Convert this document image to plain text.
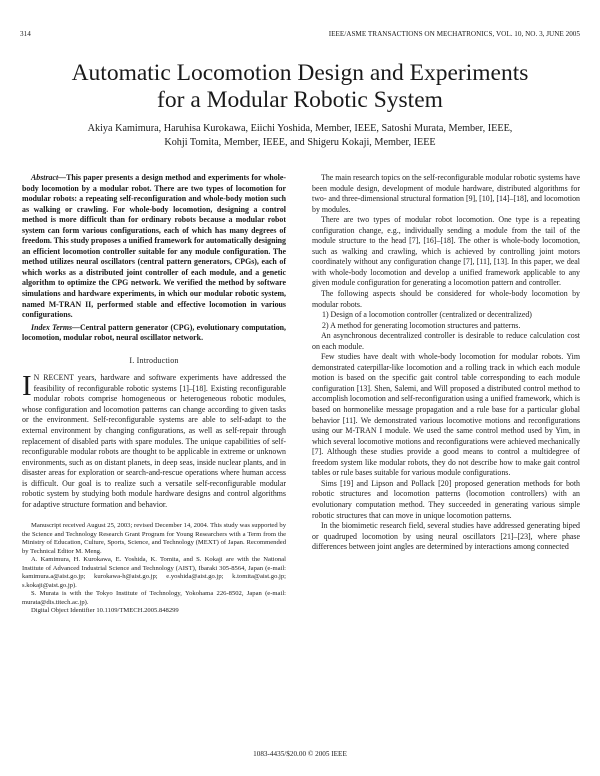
314	IEEE/ASME TRANSACTIONS ON MECHATRONICS, VOL. 10, NO. 3, JUNE 2005
Automatic Locomotion Design and Experiments
for a Modular Robotic System
Akiya Kamimura, Haruhisa Kurokawa, Eiichi Yoshida, Member, IEEE, Satoshi Murata, Member, IEEE,
Kohji Tomita, Member, IEEE, and Shigeru Kokaji, Member, IEEE

Abstract—This paper presents a design method and experiments for whole-body locomotion by a modular robot. There are two types of locomotion for modular robots: a repeating self-reconfiguration and whole-body motion such as walking or crawling. For whole-body locomotion, designing a control method is more difficult than for ordinary robots because a modular robot system can form various configurations, each of which has many degrees of freedom. This study proposes a unified framework for automatically designing an efficient locomotion controller suitable for any module configuration. The method utilizes neural oscillators (central pattern generators, CPGs), each of which works as a distributed joint controller of each module, and a genetic algorithm to optimize the CPG network. We verified the method by software simulations and hardware experiments, in which our modular robotic system, named M-TRAN II, performed stable and effective locomotion in various configurations.

Index Terms—Central pattern generator (CPG), evolutionary computation, locomotion, modular robot, neural oscillator network.

I. Introduction

I N RECENT years, hardware and software experiments have addressed the feasibility of reconfigurable robotic systems [1]–[18]. Existing reconfigurable modular robots comprise homogeneous or heterogeneous robotic modules, whose configuration and locomotion patterns can change according to given tasks or the environment. Self-reconfigurable systems are able to self-adapt to the external environment by changing configurations, as well as self-repair through replacement of disabled parts with spare modules. The unique capabilities of self-reconfigurable modular robots are thought to be applicable in extreme or unknown environments, such as on distant planets, in deep seas, inside nuclear plants, and in disaster areas for exploration or search-and-rescue operations where human access is difficult. Our goal is to realize such a versatile self-reconfigurable modular robotic system by studying both module hardware designs and control algorithms for adaptive structure formation and behavior.

Manuscript received August 25, 2003; revised December 14, 2004. This study was supported by the Science and Technology Research Grant Program for Young Researchers with a Term from the Ministry of Education, Culture, Sports, Science, and Technology (MEXT) of Japan. Recommended by Technical Editor M. Meng.

A. Kamimura, H. Kurokawa, E. Yoshida, K. Tomita, and S. Kokaji are with the National Institute of Advanced Industrial Science and Technology (AIST), Ibaraki 305-8564, Japan (e-mail: kamimura.a@aist.go.jp; kurokawa-h@aist.go.jp; e.yoshida@aist.go.jp; k.tomita@aist.go.jp; s.kokaji@aist.go.jp).

S. Murata is with the Tokyo Institute of Technology, Yokohama 226-8502, Japan (e-mail: murata@dis.titech.ac.jp).

Digital Object Identifier 10.1109/TMECH.2005.848299

The main research topics on the self-reconfigurable modular robotic systems have been module design, development of module hardware, distributed algorithms for two- and three-dimensional structural formation [9], [10], [14]–[18], and locomotion by modules.

There are two types of modular robot locomotion. One type is a repeating configuration change, e.g., individually sending a module from the tail of the module structure to the head [7], [16]–[18]. The other is whole-body locomotion, such as walking and crawling, which is achieved by controlling joint motors coordinately without any configuration change [7], [11], [13]. In this paper, we deal with whole-body locomotion and develop a unified framework applicable to any given module configuration for generating a locomotion pattern and controller.

The following aspects should be considered for whole-body locomotion by modular robots.

1) Design of a locomotion controller (centralized or decentralized)
2) A method for generating locomotion structures and patterns.

An asynchronous decentralized controller is desirable to reduce calculation cost on each module.

Few studies have dealt with whole-body locomotion for modular robots. Yim demonstrated caterpillar-like locomotion and a rolling track in which each module motion is based on the specific gait control table corresponding to each module configuration [13]. Shen, Salemi, and Will proposed a distributed control method to accomplish locomotion and self-reconfiguration using a unified framework, which is based on hormonelike message propagation and a rule base for a particular global behavior [11]. We demonstrated various locomotive motions and reconfigurations using our M-TRAN I module. We used the same control method used by Yim, in which several locomotive motions and reconfigurations were achieved mechanically [7]. Although these studies provide a good means to control a multidegree of freedom system like modular robots, they do not describe how to make gait control tables or rule bases suitable for various module configurations.

Sims [19] and Lipson and Pollack [20] proposed generation methods for both robotic structures and locomotion patterns (locomotion controllers) with an evolutionary computation method. They succeeded in generating various simple robotic structures that can move in unique locomotion patterns.

In the biomimetic research field, several studies have addressed generating biped or quadruped locomotion by using neural oscillators [21]–[23], where phase differences between joint angles are determined by interactions among connected

1083-4435/$20.00 © 2005 IEEE
